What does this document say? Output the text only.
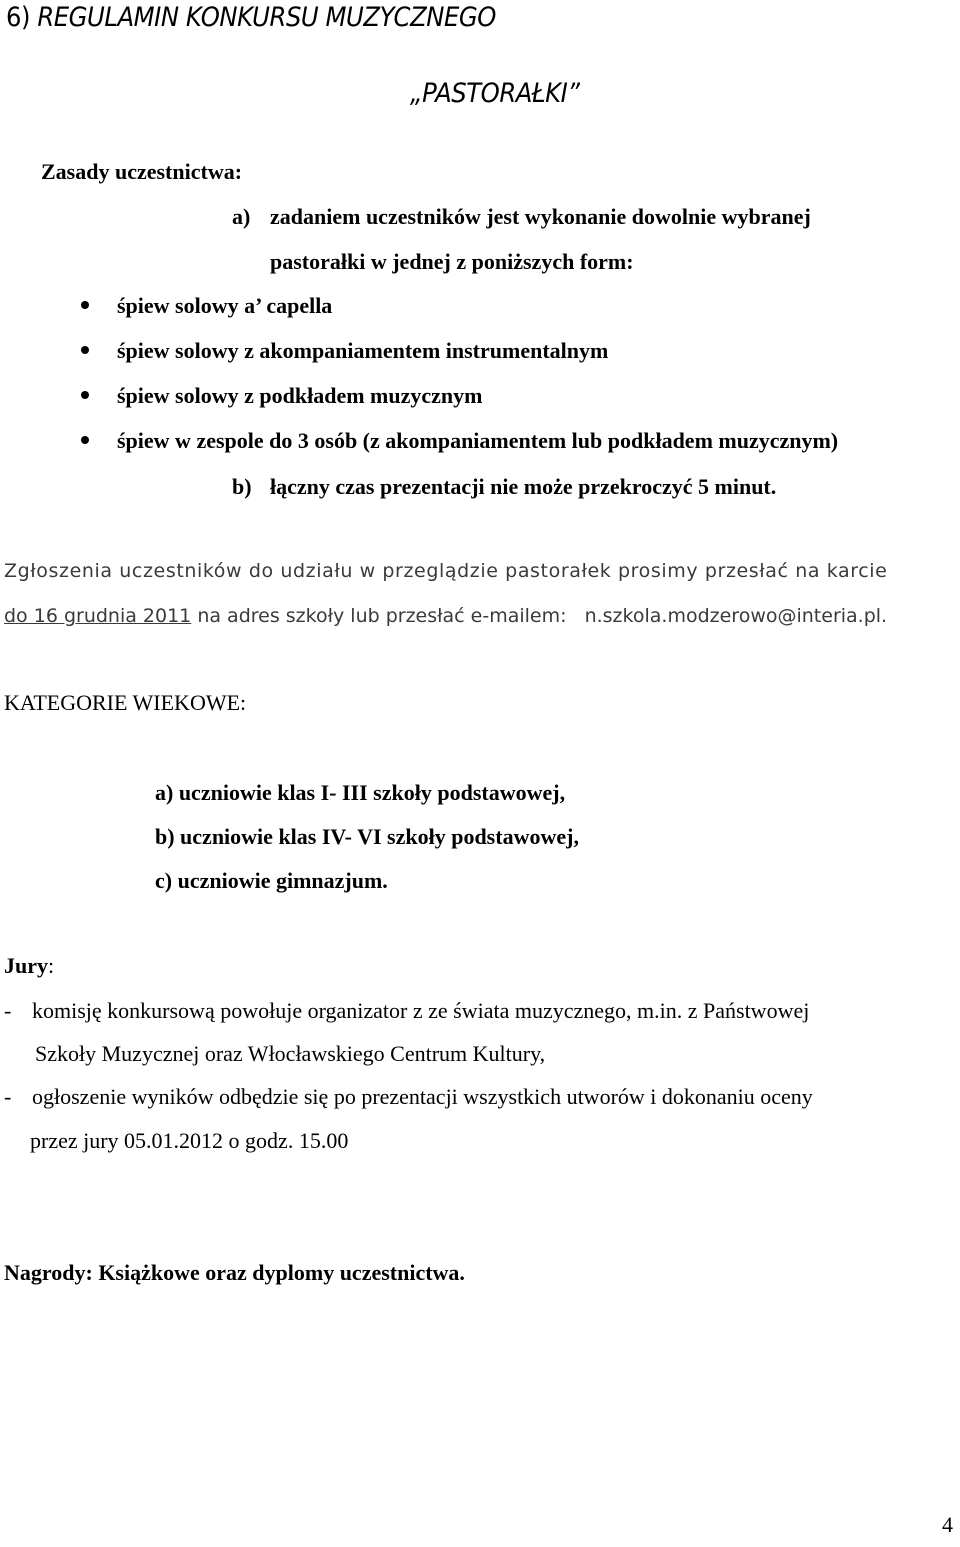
6) REGULAMIN KONKURSU MUZYCZNEGO
„PASTORAŁKI”
Zasady uczestnictwa:
a) zadaniem uczestników jest wykonanie dowolnie wybranej
pastorałki w jednej z poniższych form:
śpiew solowy a’ capella
śpiew solowy z akompaniamentem instrumentalnym
śpiew solowy z podkładem muzycznym
śpiew w zespole do 3 osób (z akompaniamentem lub podkładem muzycznym)
b) łączny czas prezentacji nie może przekroczyć 5 minut.
Zgłoszenia uczestników do udziału w przeglądzie pastorałek prosimy przesłać na karcie
do 16 grudnia 2011 na adres szkoły lub przesłać e-mailem: n.szkola.modzerowo@interia.pl.
KATEGORIE WIEKOWE:
a) uczniowie klas I- III szkoły podstawowej,
b) uczniowie klas IV- VI szkoły podstawowej,
c) uczniowie gimnazjum.
Jury:
- komisję konkursową powołuje organizator z ze świata muzycznego, m.in. z Państwowej
Szkoły Muzycznej oraz Włocławskiego Centrum Kultury,
- ogłoszenie wyników odbędzie się po prezentacji wszystkich utworów i dokonaniu oceny
przez jury 05.01.2012 o godz. 15.00
Nagrody: Książkowe oraz dyplomy uczestnictwa.
4
